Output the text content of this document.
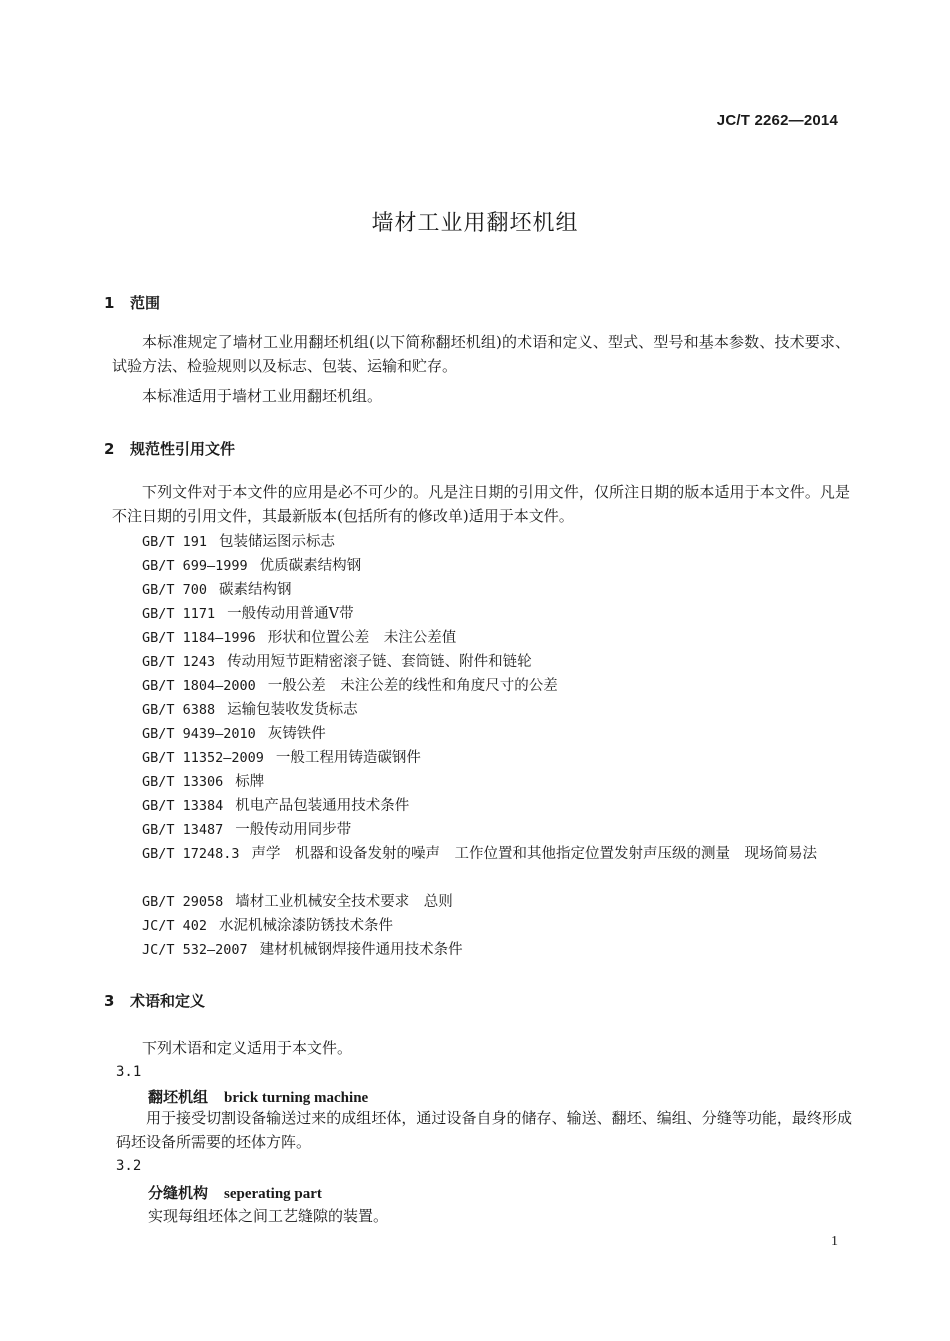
JC/T 2262—2014
墙材工业用翻坯机组
1 范围
本标准规定了墙材工业用翻坯机组(以下简称翻坯机组)的术语和定义、型式、型号和基本参数、技术要求、试验方法、检验规则以及标志、包装、运输和贮存。
本标准适用于墙材工业用翻坯机组。
2 规范性引用文件
下列文件对于本文件的应用是必不可少的。凡是注日期的引用文件，仅所注日期的版本适用于本文件。凡是不注日期的引用文件，其最新版本(包括所有的修改单)适用于本文件。
GB/T 191 包装储运图示标志
GB/T 699—1999 优质碳素结构钢
GB/T 700 碳素结构钢
GB/T 1171 一般传动用普通V带
GB/T 1184—1996 形状和位置公差　未注公差值
GB/T 1243 传动用短节距精密滚子链、套筒链、附件和链轮
GB/T 1804—2000 一般公差　未注公差的线性和角度尺寸的公差
GB/T 6388 运输包装收发货标志
GB/T 9439—2010 灰铸铁件
GB/T 11352—2009 一般工程用铸造碳钢件
GB/T 13306 标牌
GB/T 13384 机电产品包装通用技术条件
GB/T 13487 一般传动用同步带
GB/T 17248.3 声学　机器和设备发射的噪声　工作位置和其他指定位置发射声压级的测量　现场简易法
GB/T 29058 墙材工业机械安全技术要求　总则
JC/T 402 水泥机械涂漆防锈技术条件
JC/T 532—2007 建材机械钢焊接件通用技术条件
3 术语和定义
下列术语和定义适用于本文件。
3.1
翻坯机组 brick turning machine
用于接受切割设备输送过来的成组坯体，通过设备自身的储存、输送、翻坯、编组、分缝等功能，最终形成码坯设备所需要的坯体方阵。
3.2
分缝机构 seperating part
实现每组坯体之间工艺缝隙的装置。
1
